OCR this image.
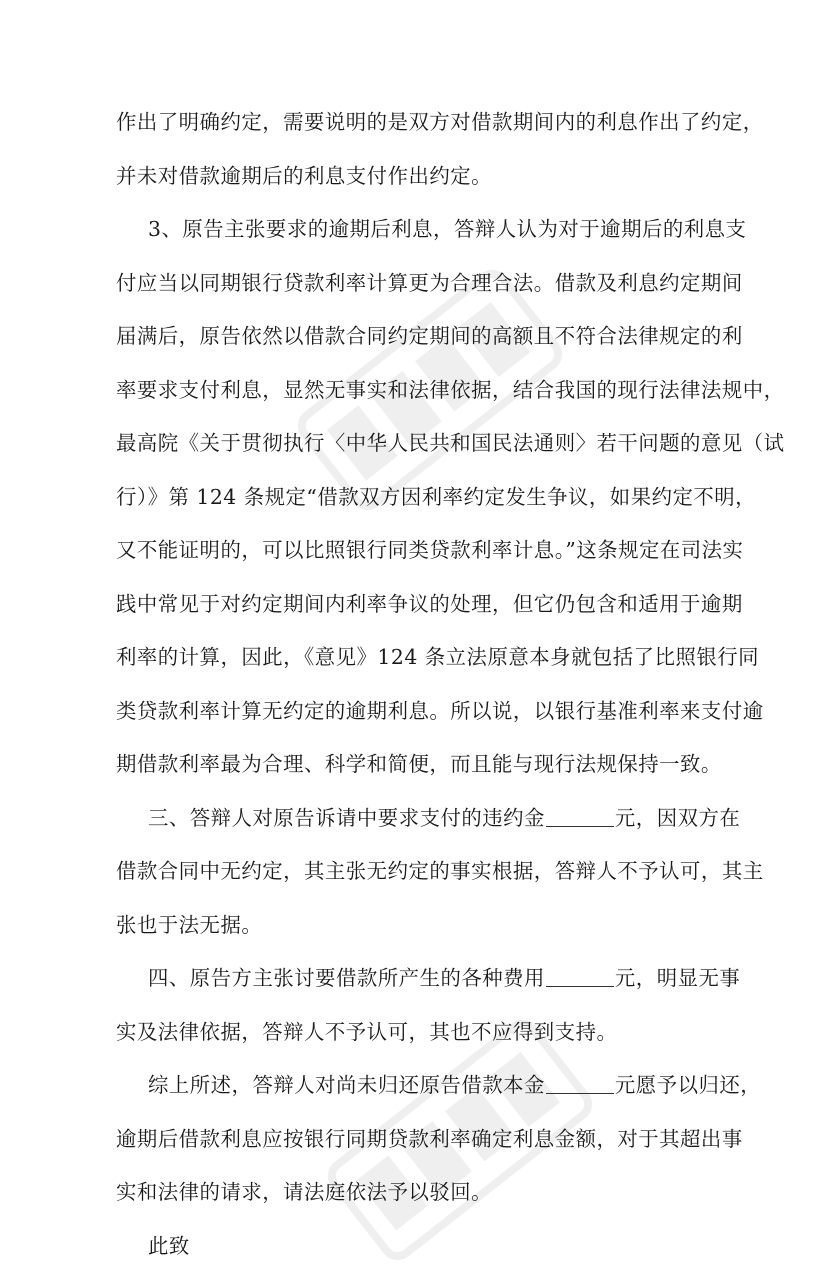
作出了明确约定，需要说明的是双方对借款期间内的利息作出了约定，
并未对借款逾期后的利息支付作出约定。
3、原告主张要求的逾期后利息，答辩人认为对于逾期后的利息支
付应当以同期银行贷款利率计算更为合理合法。借款及利息约定期间
届满后，原告依然以借款合同约定期间的高额且不符合法律规定的利
率要求支付利息，显然无事实和法律依据，结合我国的现行法律法规中，
最高院《关于贯彻执行〈中华人民共和国民法通则〉若干问题的意见（试
行）》第 124 条规定“借款双方因利率约定发生争议，如果约定不明，
又不能证明的，可以比照银行同类贷款利率计息。”这条规定在司法实
践中常见于对约定期间内利率争议的处理，但它仍包含和适用于逾期
利率的计算，因此，《意见》124 条立法原意本身就包括了比照银行同
类贷款利率计算无约定的逾期利息。所以说，以银行基准利率来支付逾
期借款利率最为合理、科学和简便，而且能与现行法规保持一致。
三、答辩人对原告诉请中要求支付的违约金	元，因双方在
借款合同中无约定，其主张无约定的事实根据，答辩人不予认可，其主
张也于法无据。
四、原告方主张讨要借款所产生的各种费用	元，明显无事
实及法律依据，答辩人不予认可，其也不应得到支持。
综上所述，答辩人对尚未归还原告借款本金	元愿予以归还，
逾期后借款利息应按银行同期贷款利率确定利息金额，对于其超出事
实和法律的请求，请法庭依法予以驳回。
此致
